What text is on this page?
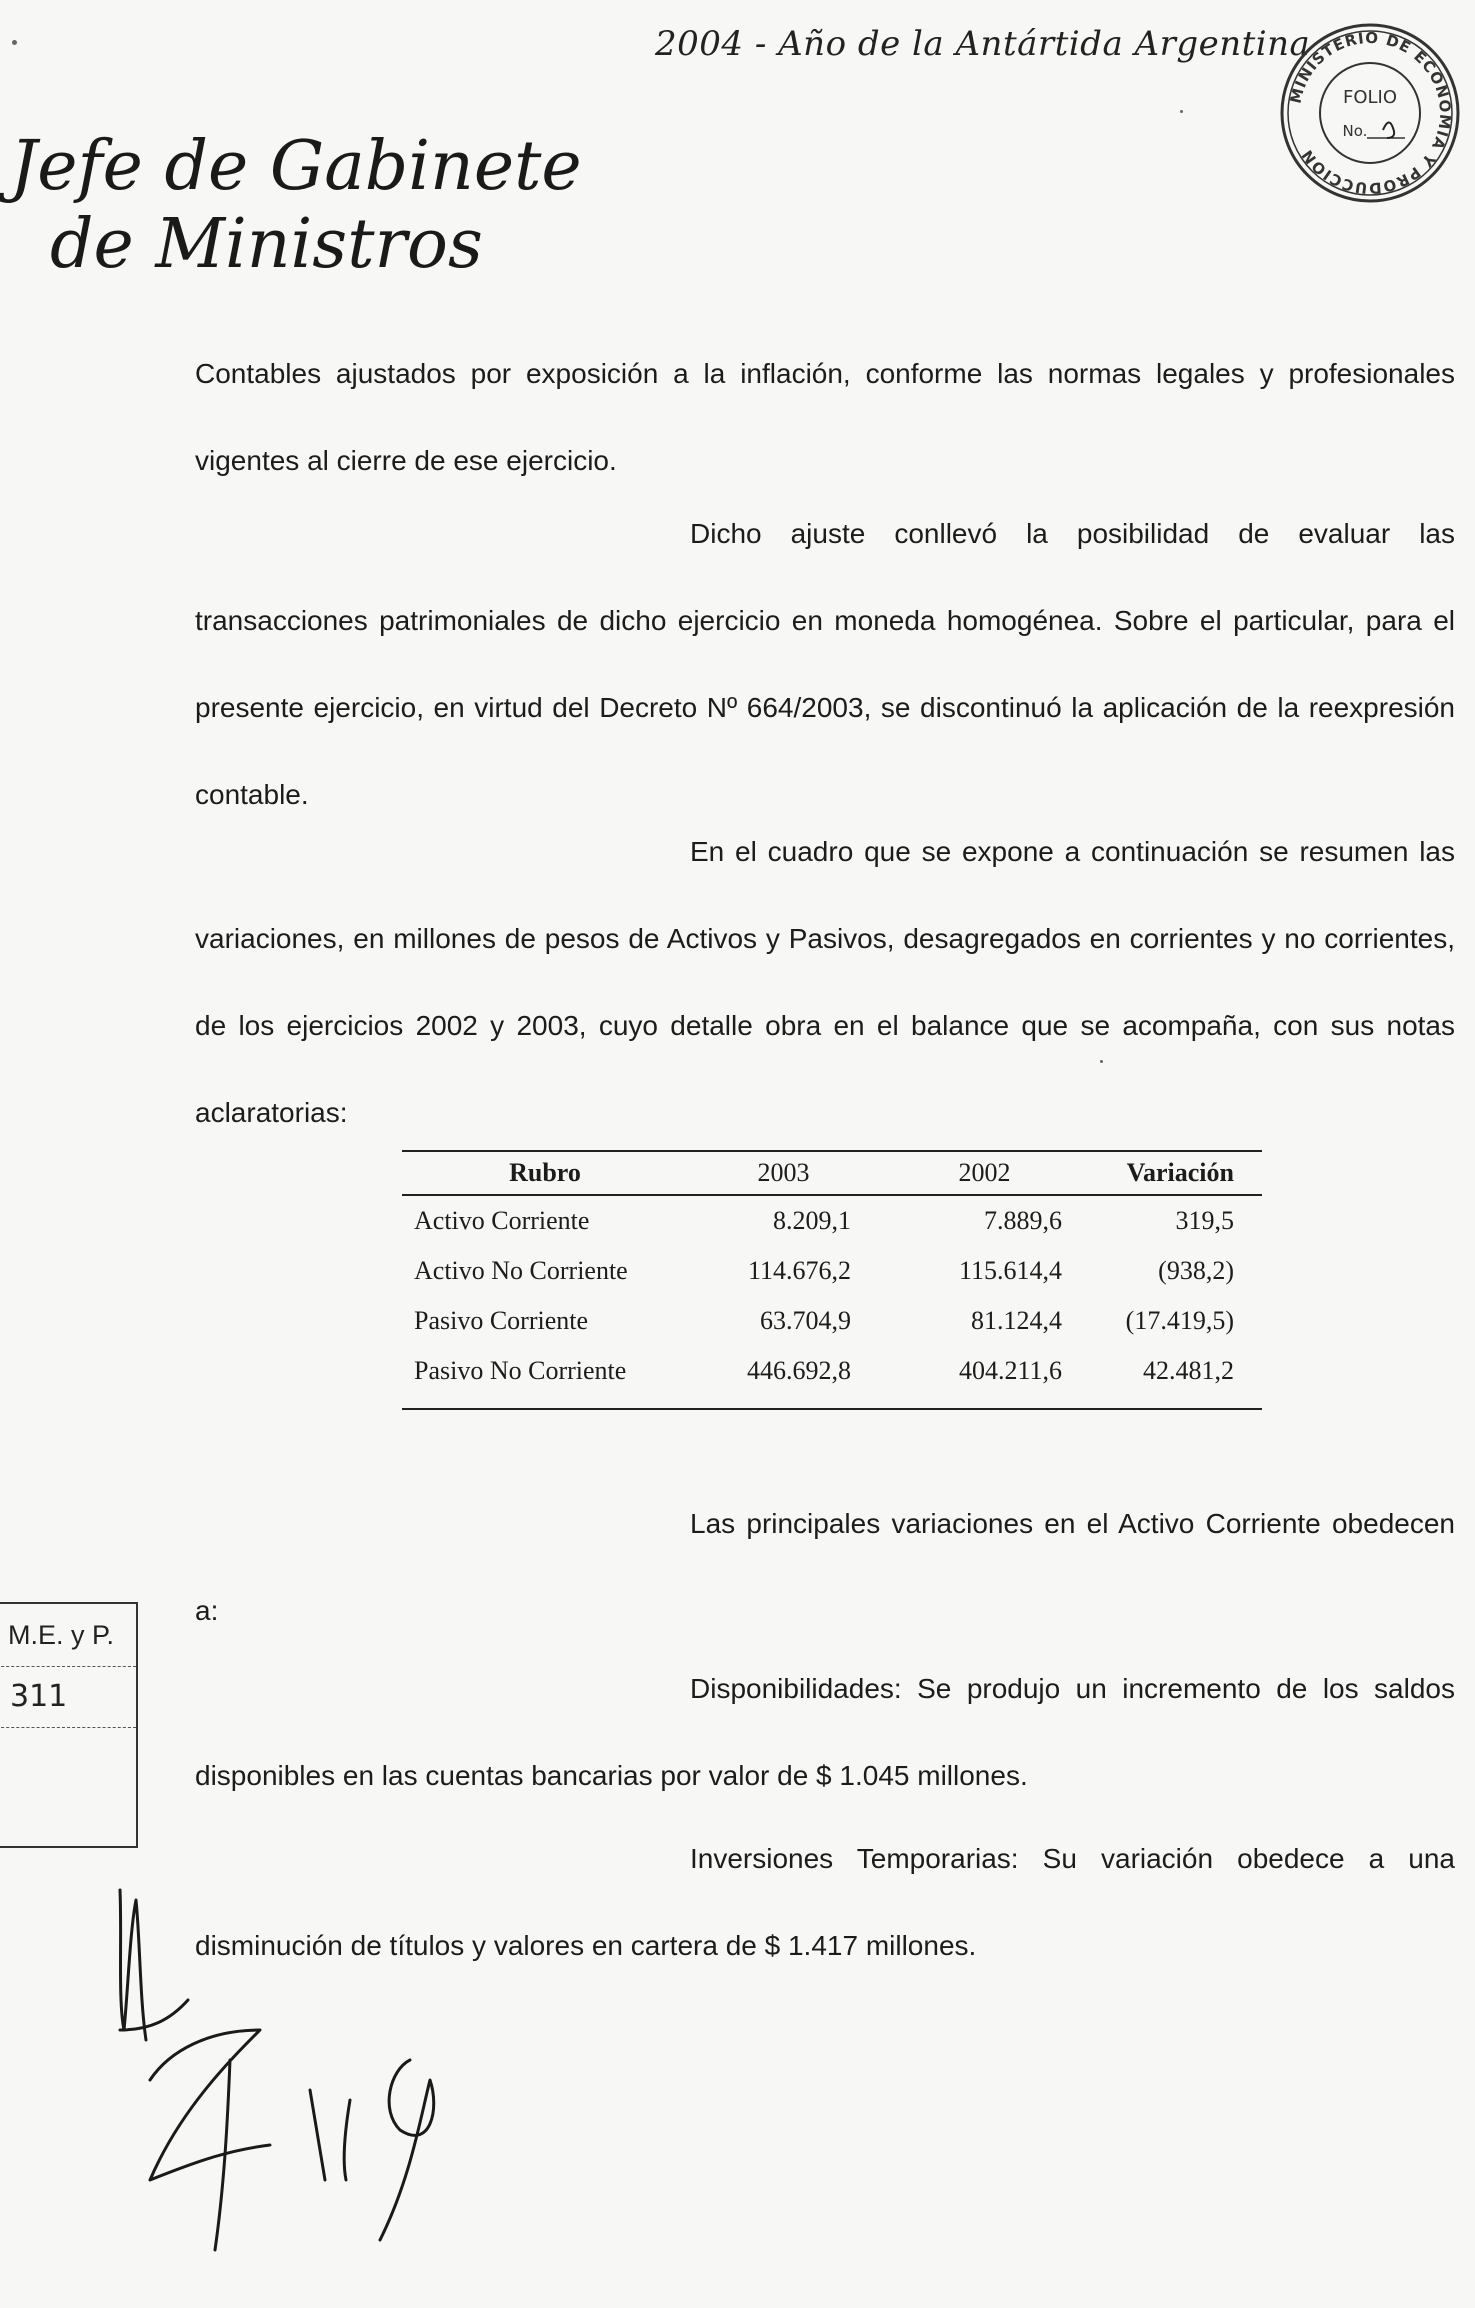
2004 - Año de la Antártida Argentina
MINISTERIO DE ECONOMIA Y PRODUCCION
FOLIO
No.
Jefe de Gabinete
de Ministros

Contables ajustados por exposición a la inflación, conforme las normas legales y profesionales vigentes al cierre de ese ejercicio.

Dicho ajuste conllevó la posibilidad de evaluar las transacciones patrimoniales de dicho ejercicio en moneda homogénea. Sobre el particular, para el presente ejercicio, en virtud del Decreto Nº 664/2003, se discontinuó la aplicación de la reexpresión contable.

En el cuadro que se expone a continuación se resumen las variaciones, en millones de pesos de Activos y Pasivos, desagregados en corrientes y no corrientes, de los ejercicios 2002 y 2003, cuyo detalle obra en el balance que se acompaña, con sus notas aclaratorias:

Rubro	2003	2002	Variación
Activo Corriente	8.209,1	7.889,6	319,5
Activo No Corriente	114.676,2	115.614,4	(938,2)
Pasivo Corriente	63.704,9	81.124,4	(17.419,5)
Pasivo No Corriente	446.692,8	404.211,6	42.481,2

Las principales variaciones en el Activo Corriente obedecen a:

Disponibilidades: Se produjo un incremento de los saldos disponibles en las cuentas bancarias por valor de $ 1.045 millones.

Inversiones Temporarias: Su variación obedece a una disminución de títulos y valores en cartera de $ 1.417 millones.

M.E. y P.
311
